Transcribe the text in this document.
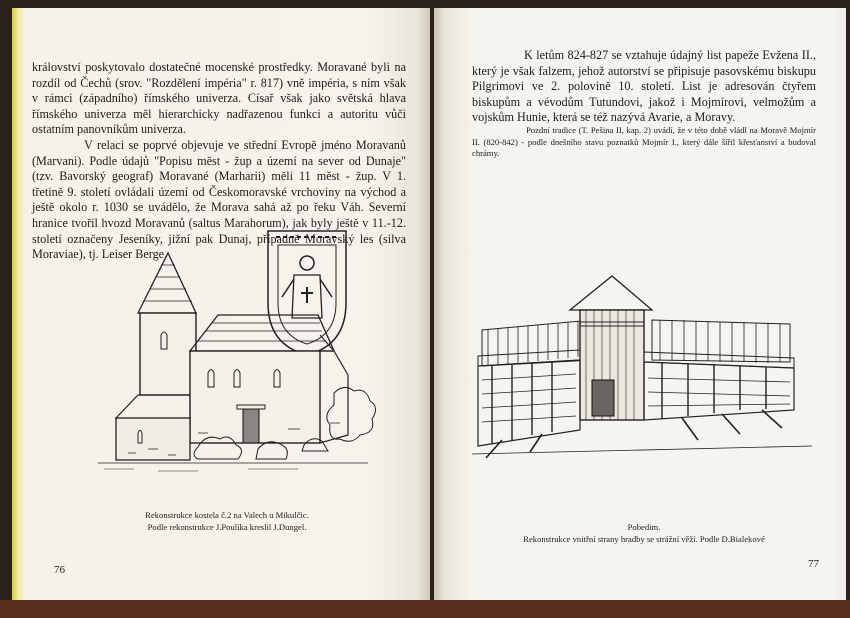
království poskytovalo dostatečné mocenské prostředky. Moravané byli na rozdíl od Čechů (srov. "Rozdělení impéria" r. 817) vně impéria, s ním však v rámci (západního) římského univerza. Císař však jako světská hlava římského univerza měl hierarchicky nadřazenou funkci a autoritu vůči ostatním panovníkům univerza.

V relaci se poprvé objevuje ve střední Evropě jméno Moravanů (Marvani). Podle údajů "Popisu měst - žup a území na sever od Dunaje" (tzv. Bavorský geograf) Moravané (Marharii) měli 11 měst - žup. V 1. třetině 9. století ovládali území od Českomoravské vrchoviny na východ a ještě okolo r. 1030 se uvádělo, že Morava sahá až po řeku Váh. Severní hranice tvořil hvozd Moravanů (saltus Marahorum), jak byly ještě v 11.-12. století označeny Jeseníky, jižní pak Dunaj, případně Moravský les (silva Moraviae), tj. Leiser Berge.

Rekonstrukce kostela č.2 na Valech u Mikulčic.
Podle rekonstrukce J.Poulíka kreslil J.Dungel.
76

K letům 824-827 se vztahuje údajný list papeže Evžena II., který je však falzem, jehož autorství se připisuje pasovskému biskupu Pilgrimovi ve 2. polovině 10. století. List je adresován čtyřem biskupům a vévodům Tutundovi, jakož i Mojmírovi, velmožům a vojskům Hunie, která se též nazývá Avarie, a Moravy.

Pozdní tradice (T. Pešina II, kap. 2) uvádí, že v této době vládl na Moravě Mojmír II. (820-842) - podle dnešního stavu poznatků Mojmír I., který dále šířil křesťanství a budoval chrámy.

Pobedim.
Rekonstrukce vnitřní strany hradby se strážní věží. Podle D.Bialekové
77
